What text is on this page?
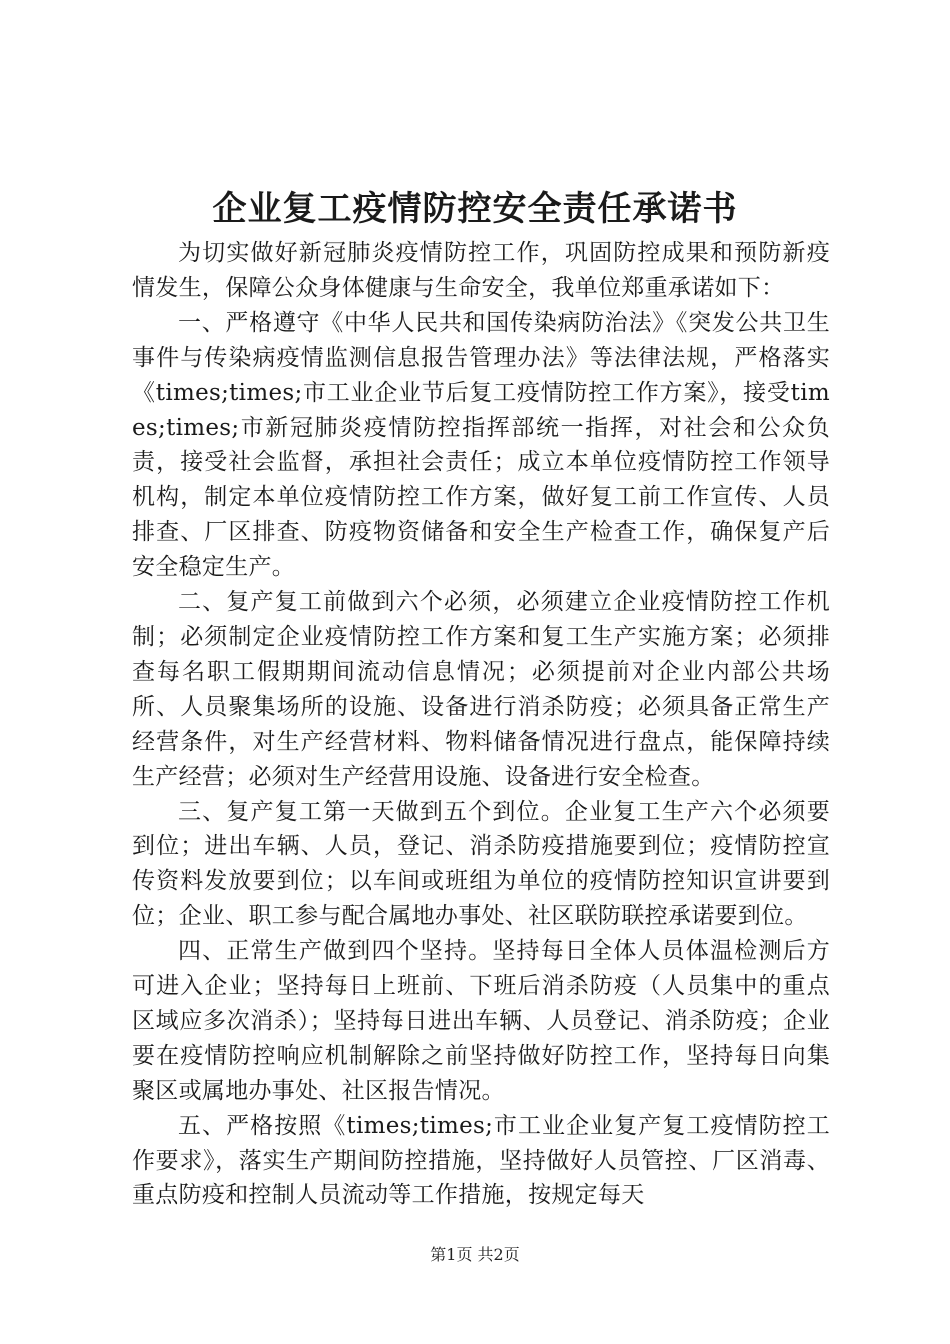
企业复工疫情防控安全责任承诺书

为切实做好新冠肺炎疫情防控工作，巩固防控成果和预防新疫情发生，保障公众身体健康与生命安全，我单位郑重承诺如下：

一、严格遵守《中华人民共和国传染病防治法》《突发公共卫生事件与传染病疫情监测信息报告管理办法》等法律法规，严格落实《times;times;市工业企业节后复工疫情防控工作方案》，接受times;times;市新冠肺炎疫情防控指挥部统一指挥，对社会和公众负责，接受社会监督，承担社会责任；成立本单位疫情防控工作领导机构，制定本单位疫情防控工作方案，做好复工前工作宣传、人员排查、厂区排查、防疫物资储备和安全生产检查工作，确保复产后安全稳定生产。

二、复产复工前做到六个必须，必须建立企业疫情防控工作机制；必须制定企业疫情防控工作方案和复工生产实施方案；必须排查每名职工假期期间流动信息情况；必须提前对企业内部公共场所、人员聚集场所的设施、设备进行消杀防疫；必须具备正常生产经营条件，对生产经营材料、物料储备情况进行盘点，能保障持续生产经营；必须对生产经营用设施、设备进行安全检查。

三、复产复工第一天做到五个到位。企业复工生产六个必须要到位；进出车辆、人员，登记、消杀防疫措施要到位；疫情防控宣传资料发放要到位；以车间或班组为单位的疫情防控知识宣讲要到位；企业、职工参与配合属地办事处、社区联防联控承诺要到位。

四、正常生产做到四个坚持。坚持每日全体人员体温检测后方可进入企业；坚持每日上班前、下班后消杀防疫（人员集中的重点区域应多次消杀）；坚持每日进出车辆、人员登记、消杀防疫；企业要在疫情防控响应机制解除之前坚持做好防控工作，坚持每日向集聚区或属地办事处、社区报告情况。

五、严格按照《times;times;市工业企业复产复工疫情防控工作要求》，落实生产期间防控措施，坚持做好人员管控、厂区消毒、重点防疫和控制人员流动等工作措施，按规定每天

第1页 共2页
